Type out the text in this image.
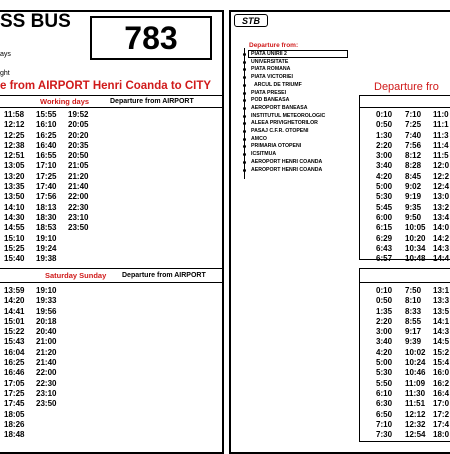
SS BUS	783
ays
ght
e from AIRPORT Henri Coanda to CITY
Working days	Departure from AIRPORT
11:58
12:12
12:25
12:38
12:51
13:05
13:20
13:35
13:50
14:10
14:30
14:55
15:10
15:25
15:40
15:55
16:10
16:25
16:40
16:55
17:10
17:25
17:40
17:56
18:13
18:30
18:53
19:10
19:24
19:38
19:52
20:05
20:20
20:35
20:50
21:05
21:20
21:40
22:00
22:30
23:10
23:50
Saturday Sunday Departure from AIRPORT
13:59
14:20
14:41
15:01
15:22
15:43
16:04
16:25
16:46
17:05
17:25
17:45
18:05
18:26
18:48
19:10
19:33
19:56
20:18
20:40
21:00
21:20
21:40
22:00
22:30
23:10
23:50
STB
Departure from:
PIATA UNIRII 2
UNIVERSITATE
PIATA ROMANA
PIATA VICTORIEI
ARCUL DE TRIUMF
PIATA PRESEI
POD BANEASA
AEROPORT BANEASA
INSTITUTUL METEOROLOGIC
ALEEA PRIVIGHETORILOR
PASAJ C.F.R. OTOPENI
AMCO
PRIMARIA OTOPENI
ICSITMUA
AEROPORT HENRI COANDA
AEROPORT HENRI COANDA
Departure fro
0:10
0:50
1:30
2:20
3:00
3:40
4:20
5:00
5:30
5:45
6:00
6:15
6:29
6:43
6:57
7:10
7:25
7:40
7:56
8:12
8:28
8:45
9:02
9:19
9:35
9:50
10:05
10:20
10:34
10:48
11:0
11:1
11:3
11:4
11:5
12:0
12:2
12:4
13:0
13:2
13:4
14:0
14:2
14:3
14:4
0:10
0:50
1:35
2:20
3:00
3:40
4:20
5:00
5:30
5:50
6:10
6:30
6:50
7:10
7:30
7:50
8:10
8:33
8:55
9:17
9:39
10:02
10:24
10:46
11:09
11:30
11:51
12:12
12:32
12:54
13:1
13:3
13:5
14:1
14:3
14:5
15:2
15:4
16:0
16:2
16:4
17:0
17:2
17:4
18:0
